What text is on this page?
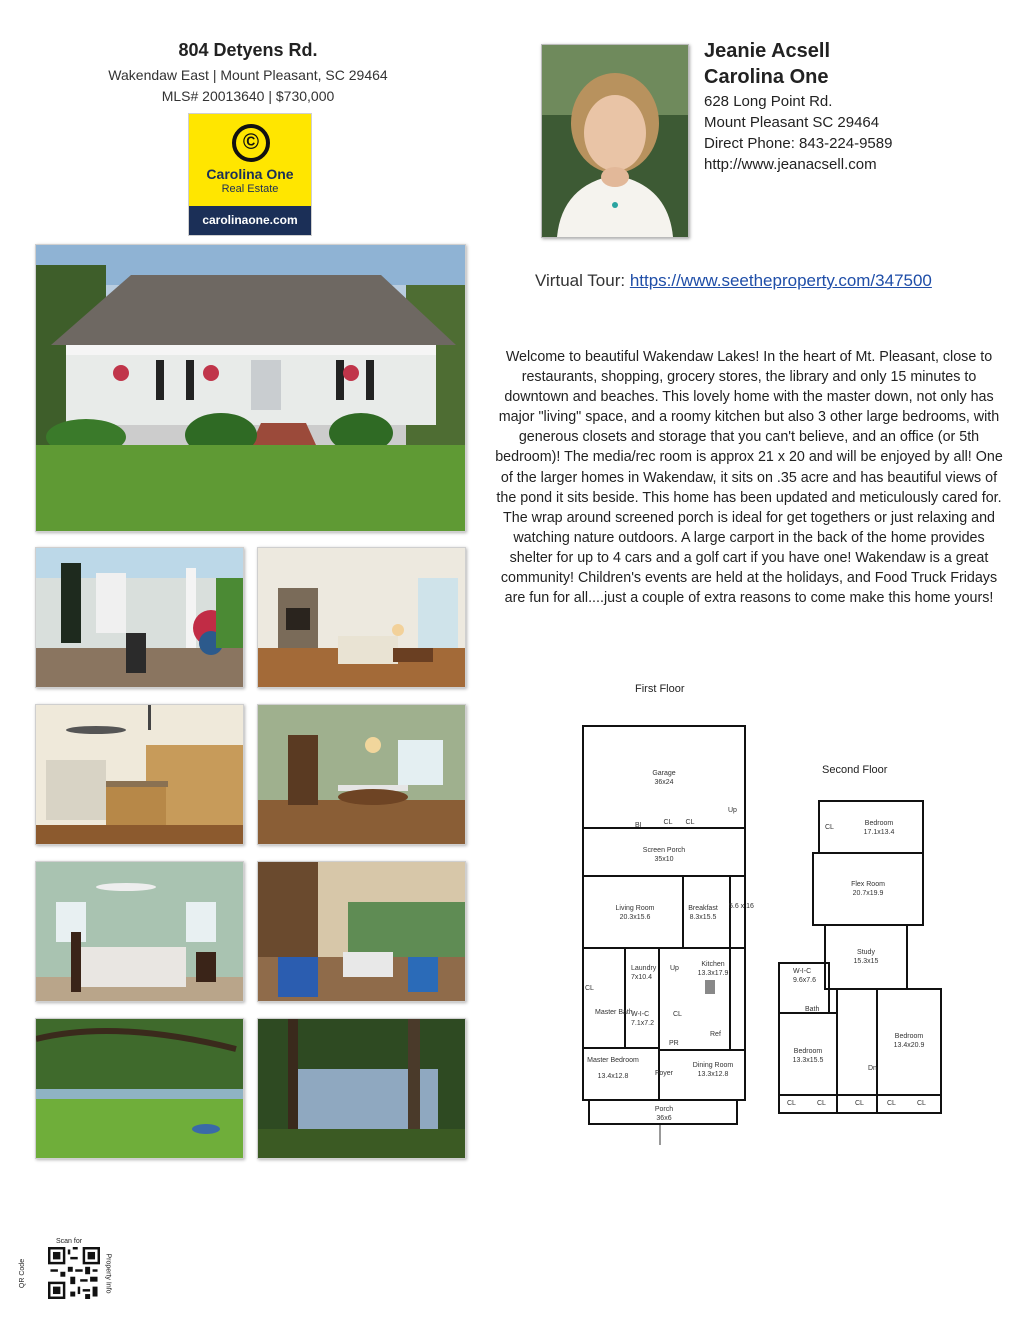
804 Detyens Rd.
Wakendaw East | Mount Pleasant, SC 29464
MLS# 20013640 | $730,000
©
Carolina One
Real Estate
carolinaone.com
Jeanie Acsell
Carolina One
628 Long Point Rd.
Mount Pleasant SC 29464
Direct Phone: 843-224-9589
http://www.jeanacsell.com
Virtual Tour: https://www.seetheproperty.com/347500
Welcome to beautiful Wakendaw Lakes! In the heart of Mt. Pleasant, close to restaurants, shopping, grocery stores, the library and only 15 minutes to downtown and beaches. This lovely home with the master down, not only has major "living" space, and a roomy kitchen but also 3 other large bedrooms, with generous closets and storage that you can't believe, and an office (or 5th bedroom)! The media/rec room is approx 21 x 20 and will be enjoyed by all! One of the larger homes in Wakendaw, it sits on .35 acre and has beautiful views of the pond it sits beside. This home has been updated and meticulously cared for. The wrap around screened porch is ideal for get togethers or just relaxing and watching nature outdoors. A large carport in the back of the home provides shelter for up to 4 cars and a golf cart if you have one! Wakendaw is a great community! Children's events are held at the holidays, and Food Truck Fridays are fun for all....just a couple of extra reasons to come make this home yours!
First Floor
Garage
36x24
Screen Porch
35x10
Living Room
20.3x15.6
Breakfast
8.3x15.5
Kitchen
13.3x17.9
Laundry
7x10.4
W-I-C
7.1x7.2
Master Bath
Master Bedroom
13.4x12.8	Foyer
Dining Room
13.3x12.8
Porch
36x6
CL CL
BI
Up
Up
PR
Ref
CL
CL
5.6 x 16
Second Floor
Bedroom
17.1x13.4
Flex Room
20.7x19.9
Study
15.3x15
W-I-C
9.6x7.6
Bath
Bedroom
13.3x15.5
Bedroom
13.4x20.9
Dn
CL
CL	CL	CL	CL	CL
Scan for
QR Code	Property Info
